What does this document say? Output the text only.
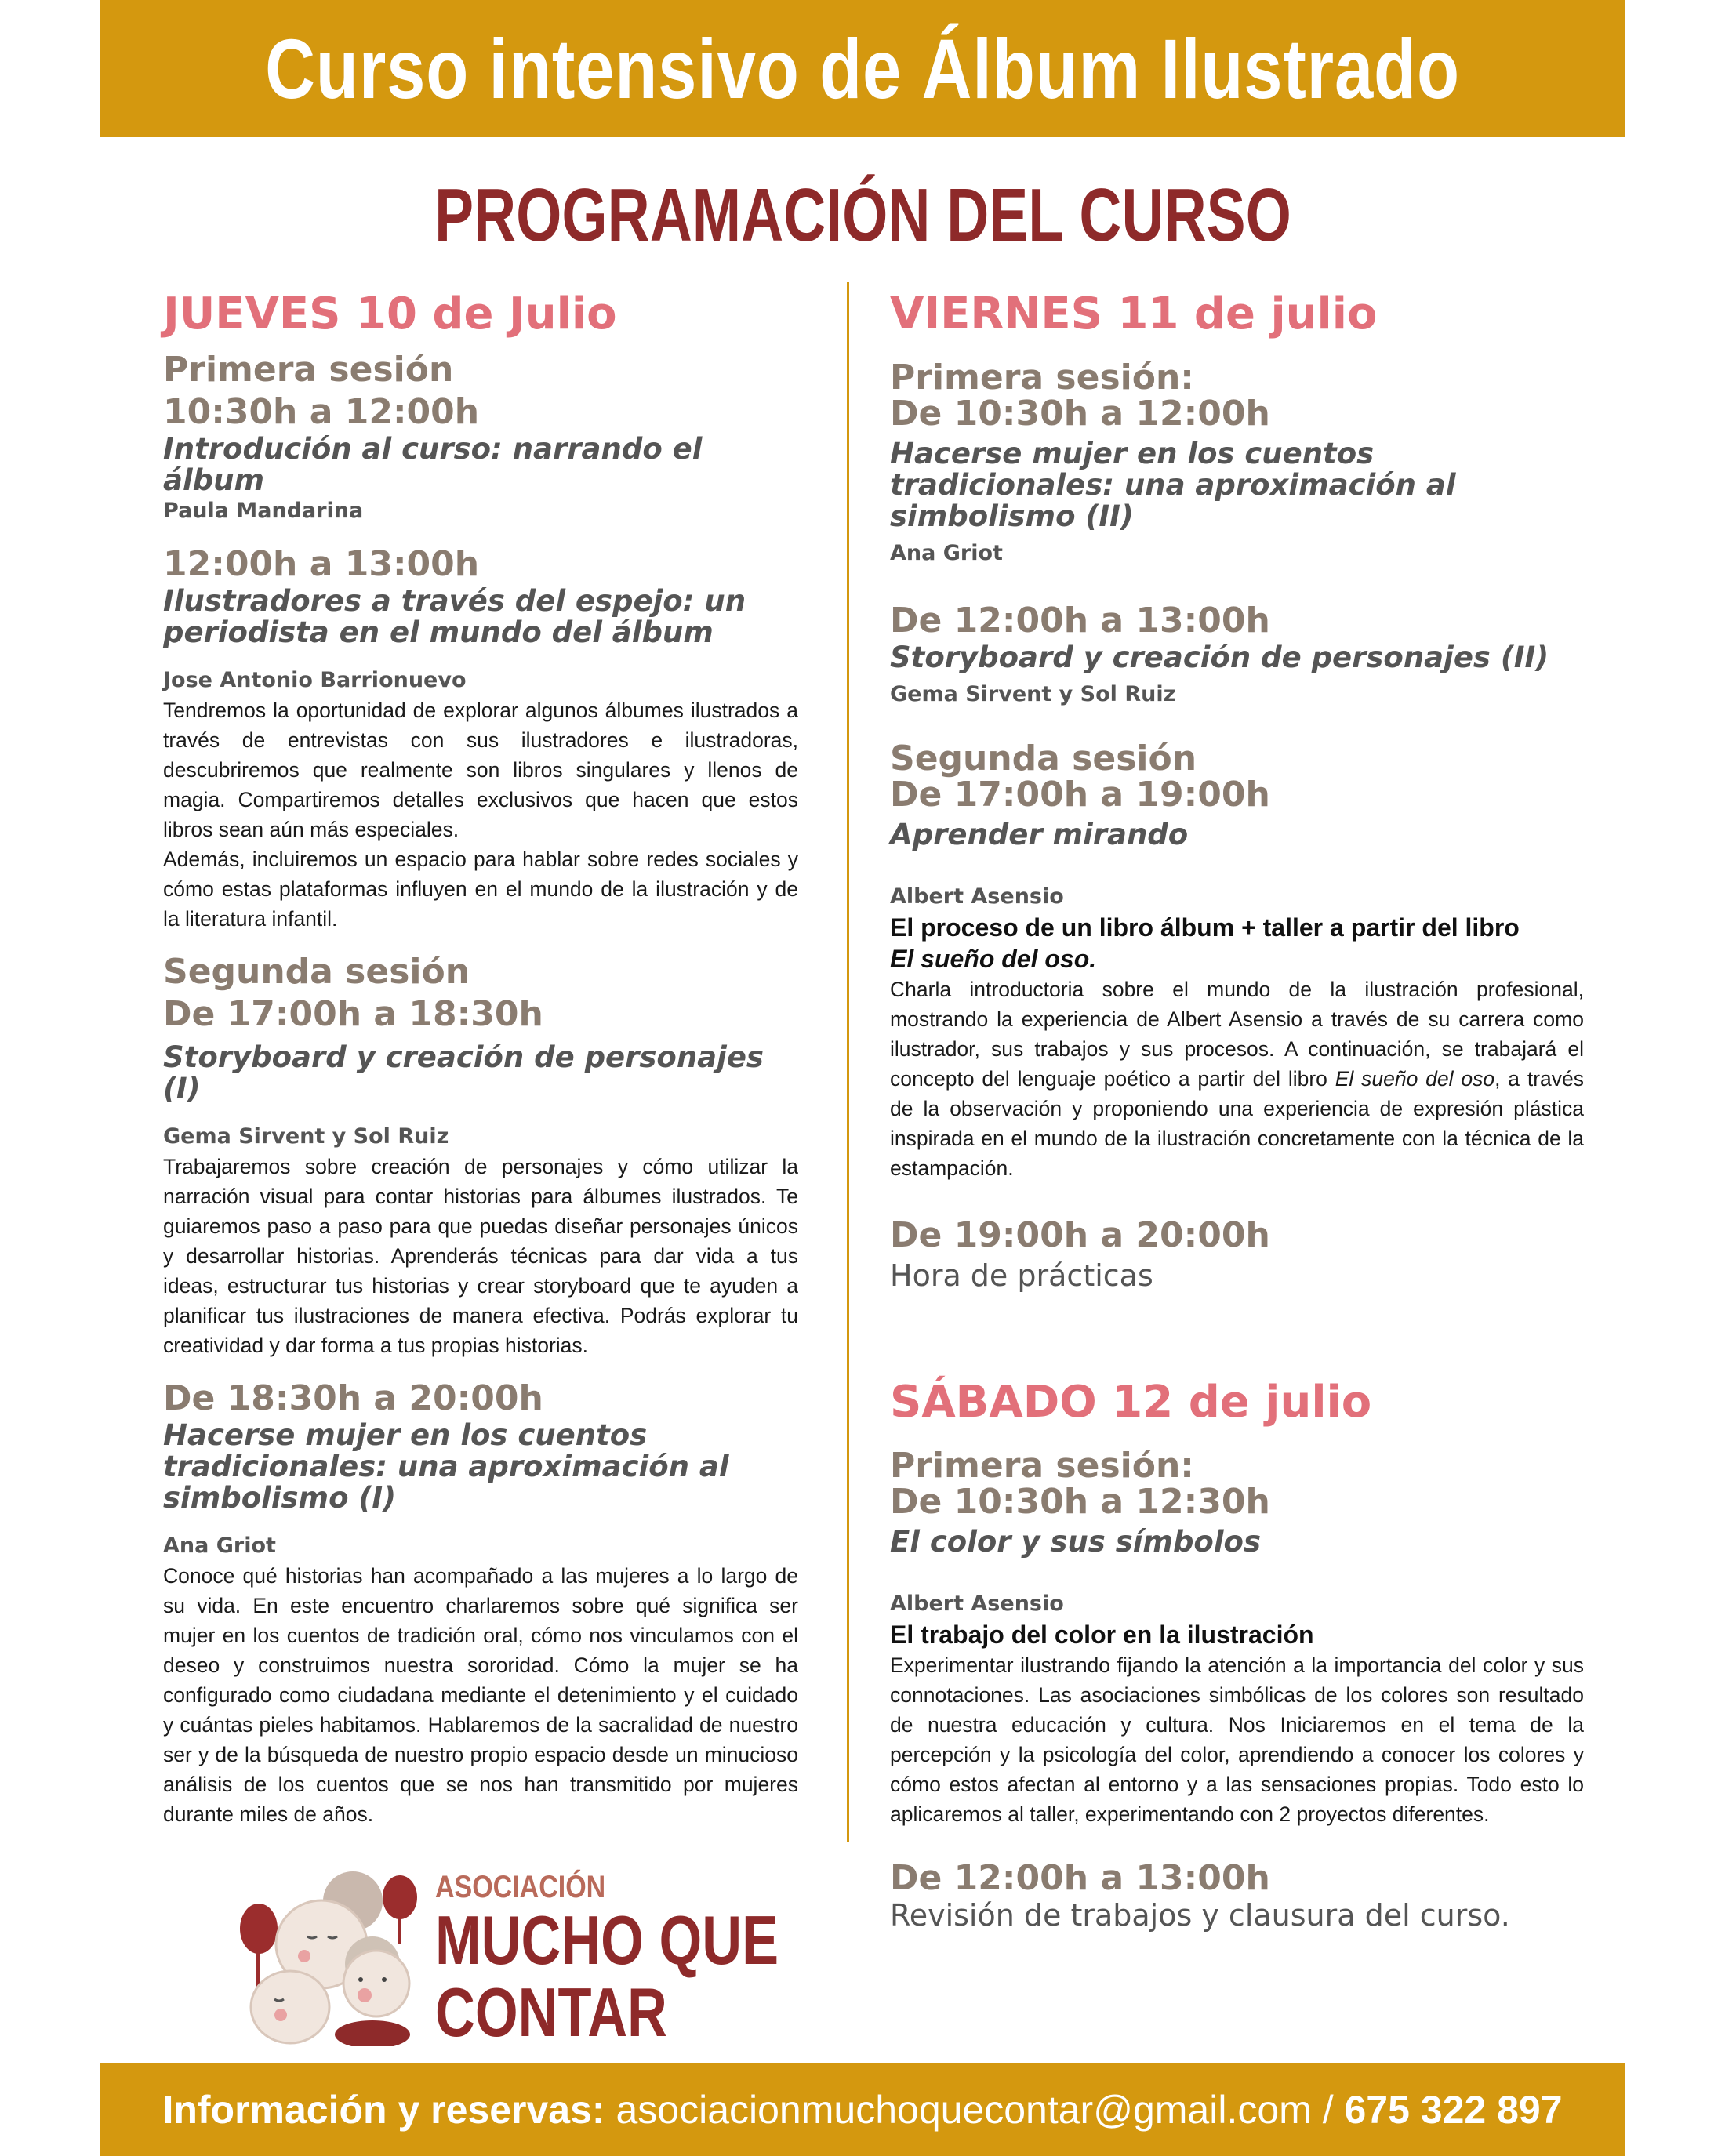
Curso intensivo de Álbum Ilustrado
PROGRAMACIÓN DEL CURSO

JUEVES 10 de Julio

Primera sesión

10:30h a 12:00h

Introdución al curso: narrando el álbum

Paula Mandarina

12:00h a 13:00h

Ilustradores a través del espejo: un periodista en el mundo del álbum

Jose Antonio Barrionuevo

Tendremos la oportunidad de explorar algunos álbumes ilustrados a través de entrevistas con sus ilustradores e ilustradoras, descubriremos que realmente son libros singulares y llenos de magia. Compartiremos detalles exclusivos que hacen que estos libros sean aún más especiales.

Además, incluiremos un espacio para hablar sobre redes sociales y cómo estas plataformas influyen en el mundo de la ilustración y de la literatura infantil.

Segunda sesión

De 17:00h a 18:30h

Storyboard y creación de personajes (I)

Gema Sirvent y Sol Ruiz

Trabajaremos sobre creación de personajes y cómo utilizar la narración visual para contar historias para álbumes ilustrados. Te guiaremos paso a paso para que puedas diseñar personajes únicos y desarrollar historias. Aprenderás técnicas para dar vida a tus ideas, estructurar tus historias y crear storyboard que te ayuden a planificar tus ilustraciones de manera efectiva. Podrás explorar tu creatividad y dar forma a tus propias historias.

De 18:30h a 20:00h

Hacerse mujer en los cuentos tradicionales: una aproximación al simbolismo (I)

Ana Griot

Conoce qué historias han acompañado a las mujeres a lo largo de su vida. En este encuentro charlaremos sobre qué significa ser mujer en los cuentos de tradición oral, cómo nos vinculamos con el deseo y construimos nuestra sororidad. Cómo la mujer se ha configurado como ciudadana mediante el detenimiento y el cuidado y cuántas pieles habitamos. Hablaremos de la sacralidad de nuestro ser y de la búsqueda de nuestro propio espacio desde un minucioso análisis de los cuentos que se nos han transmitido por mujeres durante miles de años.

VIERNES 11 de julio

Primera sesión:

De 10:30h a 12:00h

Hacerse mujer en los cuentos tradicionales: una aproximación al simbolismo (II)

Ana Griot

De 12:00h a 13:00h

Storyboard y creación de personajes (II)

Gema Sirvent y Sol Ruiz

Segunda sesión

De 17:00h a 19:00h

Aprender mirando

Albert Asensio

El proceso de un libro álbum + taller a partir del libro

El sueño del oso.

Charla introductoria sobre el mundo de la ilustración profesional, mostrando la experiencia de Albert Asensio a través de su carrera como ilustrador, sus trabajos y sus procesos. A continuación, se trabajará el concepto del lenguaje poético a partir del libro El sueño del oso, a través de la observación y proponiendo una experiencia de expresión plástica inspirada en el mundo de la ilustración concretamente con la técnica de la estampación.

De 19:00h a 20:00h

Hora de prácticas

SÁBADO 12 de julio

Primera sesión:

De 10:30h a 12:30h

El color y sus símbolos

Albert Asensio

El trabajo del color en la ilustración

Experimentar ilustrando fijando la atención a la importancia del color y sus connotaciones. Las asociaciones simbólicas de los colores son resultado de nuestra educación y cultura. Nos Iniciaremos en el tema de la percepción y la psicología del color, aprendiendo a conocer los colores y cómo estos afectan al entorno y a las sensaciones propias. Todo esto lo aplicaremos al taller, experimentando con 2 proyectos diferentes.

De 12:00h a 13:00h

Revisión de trabajos y clausura del curso.

ASOCIACIÓN
MUCHO QUE
CONTAR

Información y reservas: asociacionmuchoquecontar@gmail.com / 675 322 897
